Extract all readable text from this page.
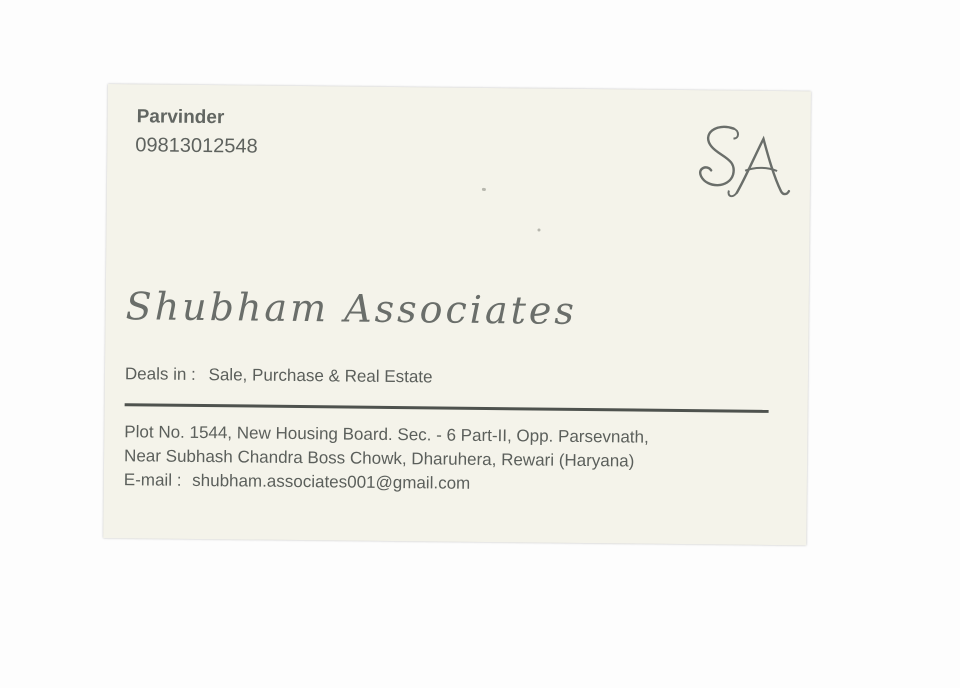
Parvinder
09813012548
Shubham Associates
Deals in : Sale, Purchase & Real Estate
Plot No. 1544, New Housing Board. Sec. - 6 Part-II, Opp. Parsevnath,
Near Subhash Chandra Boss Chowk, Dharuhera, Rewari (Haryana)
E-mail : shubham.associates001@gmail.com
